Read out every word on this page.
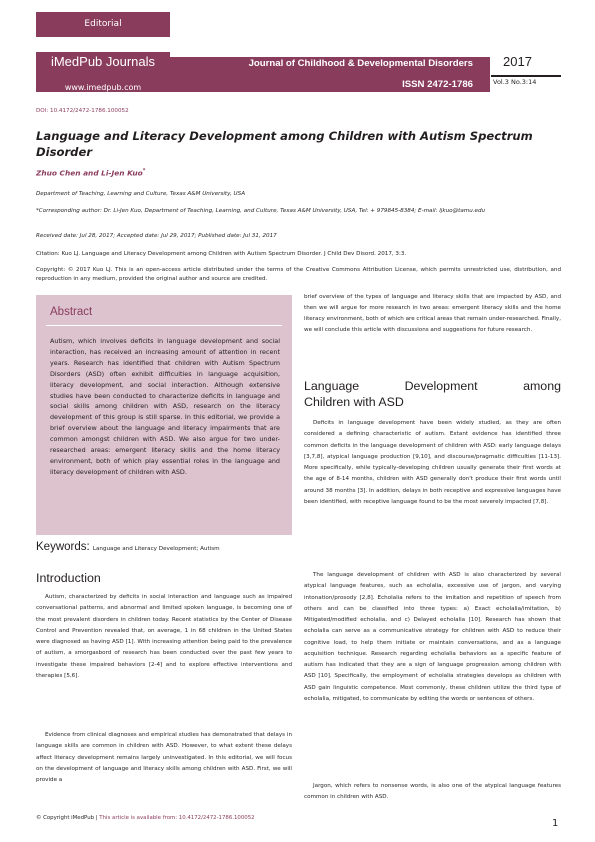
Editorial
iMedPub Journals
www.imedpub.com
Journal of Childhood & Developmental Disorders
ISSN 2472-1786
2017
Vol.3 No.3:14
DOI: 10.4172/2472-1786.100052
Language and Literacy Development among Children with Autism Spectrum Disorder
Zhuo Chen and Li-Jen Kuo*
Department of Teaching, Learning and Culture, Texas A&M University, USA
*Corresponding author: Dr. Li-Jen Kuo, Department of Teaching, Learning, and Culture, Texas A&M University, USA, Tel: + 979845-8384; E-mail: ljkuo@tamu.edu
Received date: Jul 28, 2017; Accepted date: Jul 29, 2017; Published date: Jul 31, 2017
Citation: Kuo LJ. Language and Literacy Development among Children with Autism Spectrum Disorder. J Child Dev Disord. 2017, 3:3.
Copyright: © 2017 Kuo LJ. This is an open-access article distributed under the terms of the Creative Commons Attribution License, which permits unrestricted use, distribution, and reproduction in any medium, provided the original author and source are credited.
Abstract
Autism, which involves deficits in language development and social interaction, has received an increasing amount of attention in recent years. Research has identified that children with Autism Spectrum Disorders (ASD) often exhibit difficulties in language acquisition, literacy development, and social interaction. Although extensive studies have been conducted to characterize deficits in language and social skills among children with ASD, research on the literacy development of this group is still sparse. In this editorial, we provide a brief overview about the language and literacy impairments that are common amongst children with ASD. We also argue for two under-researched areas: emergent literacy skills and the home literacy environment, both of which play essential roles in the language and literacy development of children with ASD.
Keywords: Language and Literacy Development; Autism
Introduction
Autism, characterized by deficits in social interaction and language such as impaired conversational patterns, and abnormal and limited spoken language, is becoming one of the most prevalent disorders in children today. Recent statistics by the Center of Disease Control and Prevention revealed that, on average, 1 in 68 children in the United States were diagnosed as having ASD [1]. With increasing attention being paid to the prevalence of autism, a smorgasbord of research has been conducted over the past few years to investigate these impaired behaviors [2-4] and to explore effective interventions and therapies [5,6].
Evidence from clinical diagnoses and empirical studies has demonstrated that delays in language skills are common in children with ASD. However, to what extent these delays affect literacy development remains largely uninvestigated. In this editorial, we will focus on the development of language and literacy skills among children with ASD. First, we will provide a
brief overview of the types of language and literacy skills that are impacted by ASD, and then we will argue for more research in two areas: emergent literacy skills and the home literacy environment, both of which are critical areas that remain under-researched. Finally, we will conclude this article with discussions and suggestions for future research.
Language Development among
Children with ASD
Deficits in language development have been widely studied, as they are often considered a defining characteristic of autism. Extant evidence has identified three common deficits in the language development of children with ASD: early language delays [3,7,8], atypical language production [9,10], and discourse/pragmatic difficulties [11-13]. More specifically, while typically-developing children usually generate their first words at the age of 8-14 months, children with ASD generally don't produce their first words until around 38 months [3]. In addition, delays in both receptive and expressive languages have been identified, with receptive language found to be the most severely impacted [7,8].
The language development of children with ASD is also characterized by several atypical language features, such as echolalia, excessive use of jargon, and varying intonation/prosody [2,8]. Echolalia refers to the imitation and repetition of speech from others and can be classified into three types: a) Exact echolalia/imitation, b) Mitigated/modified echolalia, and c) Delayed echolalia [10]. Research has shown that echolalia can serve as a communicative strategy for children with ASD to reduce their cognitive load, to help them initiate or maintain conversations, and as a language acquisition technique. Research regarding echolalia behaviors as a specific feature of autism has indicated that they are a sign of language progression among children with ASD [10]. Specifically, the employment of echolalia strategies develops as children with ASD gain linguistic competence. Most commonly, these children utilize the third type of echolalia, mitigated, to communicate by editing the words or sentences of others.
Jargon, which refers to nonsense words, is also one of the atypical language features common in children with ASD.
© Copyright iMedPub | This article is available from: 10.4172/2472-1786.100052	1
